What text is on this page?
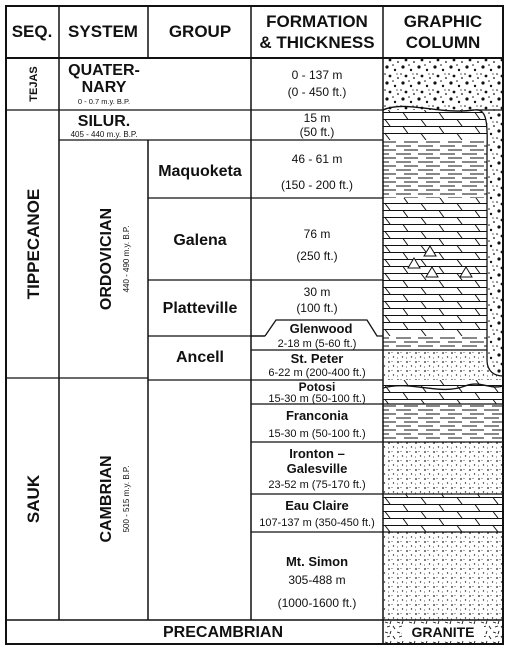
SEQ. SYSTEM GROUP
FORMATION
& THICKNESS
GRAPHIC
COLUMN
TEJAS
TIPPECANOE
SAUK
QUATER-
NARY
0 - 0.7 m.y. B.P.
SILUR.
405 - 440 m.y. B.P.
ORDOVICIAN 440 - 490 m.y. B.P.
CAMBRIAN 500 - 515 m.y. B.P.
PRECAMBRIAN
Maquoketa
Galena
Platteville
Ancell
0 - 137 m
(0 - 450 ft.)
15 m
(50 ft.)
46 - 61 m
(150 - 200 ft.)
76 m
(250 ft.)
30 m
(100 ft.)
Glenwood
2-18 m (5-60 ft.)
St. Peter
6-22 m (200-400 ft.)
Potosi
15-30 m (50-100 ft.)
Franconia
15-30 m (50-100 ft.)
Ironton –
Galesville
23-52 m (75-170 ft.)
Eau Claire
107-137 m (350-450 ft.)
Mt. Simon
305-488 m
(1000-1600 ft.)
GRANITE
